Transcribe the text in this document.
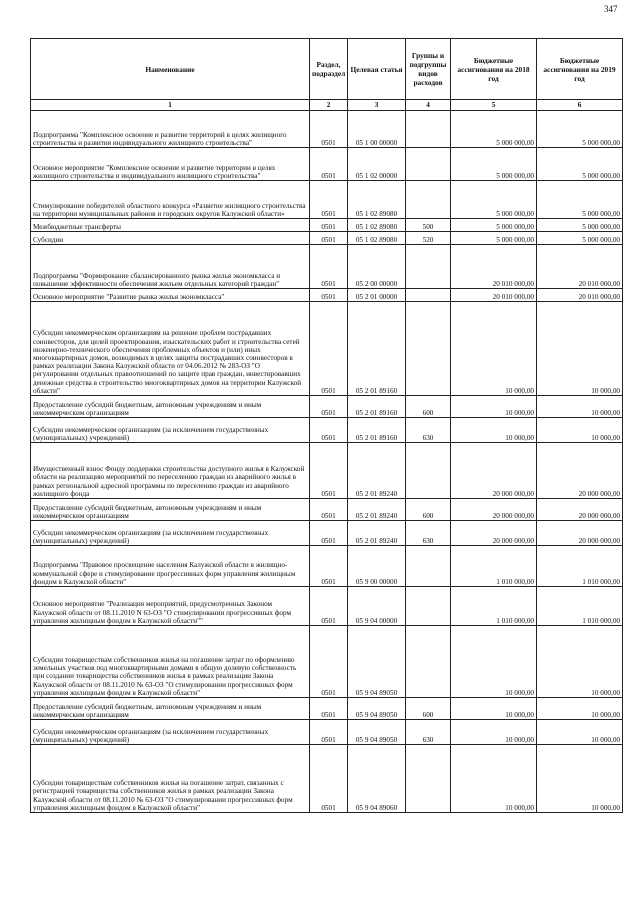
347
Наименование	Раздел, подраздел	Целевая статья	Группы и подгруппы видов расходов	Бюджетные ассигнования на 2018 год	Бюджетные ассигнования на 2019 год
1	2	3	4	5	6
Подпрограмма "Комплексное освоение и развитие территорий в целях жилищного строительства и развития индивидуального жилищного строительства"	0501	05 1 00 00000		5 000 000,00	5 000 000,00
Основное мероприятие "Комплексное освоение и развитие территории в целях жилищного строительства и индивидуального жилищного строительства"	0501	05 1 02 00000		5 000 000,00	5 000 000,00
Стимулирование победителей областного конкурса «Развитие жилищного строительства на территории муниципальных районов и городских округов Калужской области»	0501	05 1 02 89080		5 000 000,00	5 000 000,00
Межбюджетные трансферты	0501	05 1 02 89080	500	5 000 000,00	5 000 000,00
Субсидии	0501	05 1 02 89080	520	5 000 000,00	5 000 000,00
Подпрограмма "Формирование сбалансированного рынка жилья экономкласса и повышение эффективности обеспечения жильем отдельных категорий граждан"	0501	05 2 00 00000		20 010 000,00	20 010 000,00
Основное мероприятие "Развитие рынка жилья экономкласса"	0501	05 2 01 00000		20 010 000,00	20 010 000,00
Субсидии некоммерческим организациям на решение проблем пострадавших соинвесторов, для целей проектирования, изыскательских работ и строительства сетей инженерно-технического обеспечения проблемных объектов и (или) иных многоквартирных домов, возводимых в целях защиты пострадавших соинвесторов в рамках реализации Закона Калужской области от 04.06.2012 № 283-ОЗ "О регулировании отдельных правоотношений по защите прав граждан, инвестировавших денежные средства в строительство многоквартирных домов на территории Калужской области"	0501	05 2 01 89160		10 000,00	10 000,00
Предоставление субсидий бюджетным, автономным учреждениям и иным некоммерческим организациям	0501	05 2 01 89160	600	10 000,00	10 000,00
Субсидии некоммерческим организациям (за исключением государственных (муниципальных) учреждений)	0501	05 2 01 89160	630	10 000,00	10 000,00
Имущественный взнос Фонду поддержки строительства доступного жилья в Калужской области на реализацию мероприятий по переселению граждан из аварийного жилья в рамках региональной адресной программы по переселению граждан из аварийного жилищного фонда	0501	05 2 01 89240		20 000 000,00	20 000 000,00
Предоставление субсидий бюджетным, автономным учреждениям и иным некоммерческим организациям	0501	05 2 01 89240	600	20 000 000,00	20 000 000,00
Субсидии некоммерческим организациям (за исключением государственных (муниципальных) учреждений)	0501	05 2 01 89240	630	20 000 000,00	20 000 000,00
Подпрограмма "Правовое просвещение населения Калужской области в жилищно-коммунальной сфере и стимулирование прогрессивных форм управления жилищным фондом в Калужской области"	0501	05 9 00 00000		1 010 000,00	1 010 000,00
Основное мероприятие "Реализация мероприятий, предусмотренных Законом Калужской области от 08.11.2010 N 63-ОЗ "О стимулировании прогрессивных форм управления жилищным фондом в Калужской области""	0501	05 9 04 00000		1 010 000,00	1 010 000,00
Субсидии товариществам собственников жилья на погашение затрат по оформлению земельных участков под многоквартирными домами в общую долевую собственность при создании товарищества собственников жилья в рамках реализации Закона Калужской области от 08.11.2010 № 63-ОЗ "О стимулировании прогрессивных форм управления жилищным фондом в Калужской области"	0501	05 9 04 89050		10 000,00	10 000,00
Предоставление субсидий бюджетным, автономным учреждениям и иным некоммерческим организациям	0501	05 9 04 89050	600	10 000,00	10 000,00
Субсидии некоммерческим организациям (за исключением государственных (муниципальных) учреждений)	0501	05 9 04 89050	630	10 000,00	10 000,00
Субсидии товариществам собственников жилья на погашение затрат, связанных с регистрацией товарищества собственников жилья в рамках реализации Закона Калужской области от 08.11.2010 № 63-ОЗ "О стимулировании прогрессивных форм управления жилищным фондом в Калужской области"	0501	05 9 04 89060		10 000,00	10 000,00
